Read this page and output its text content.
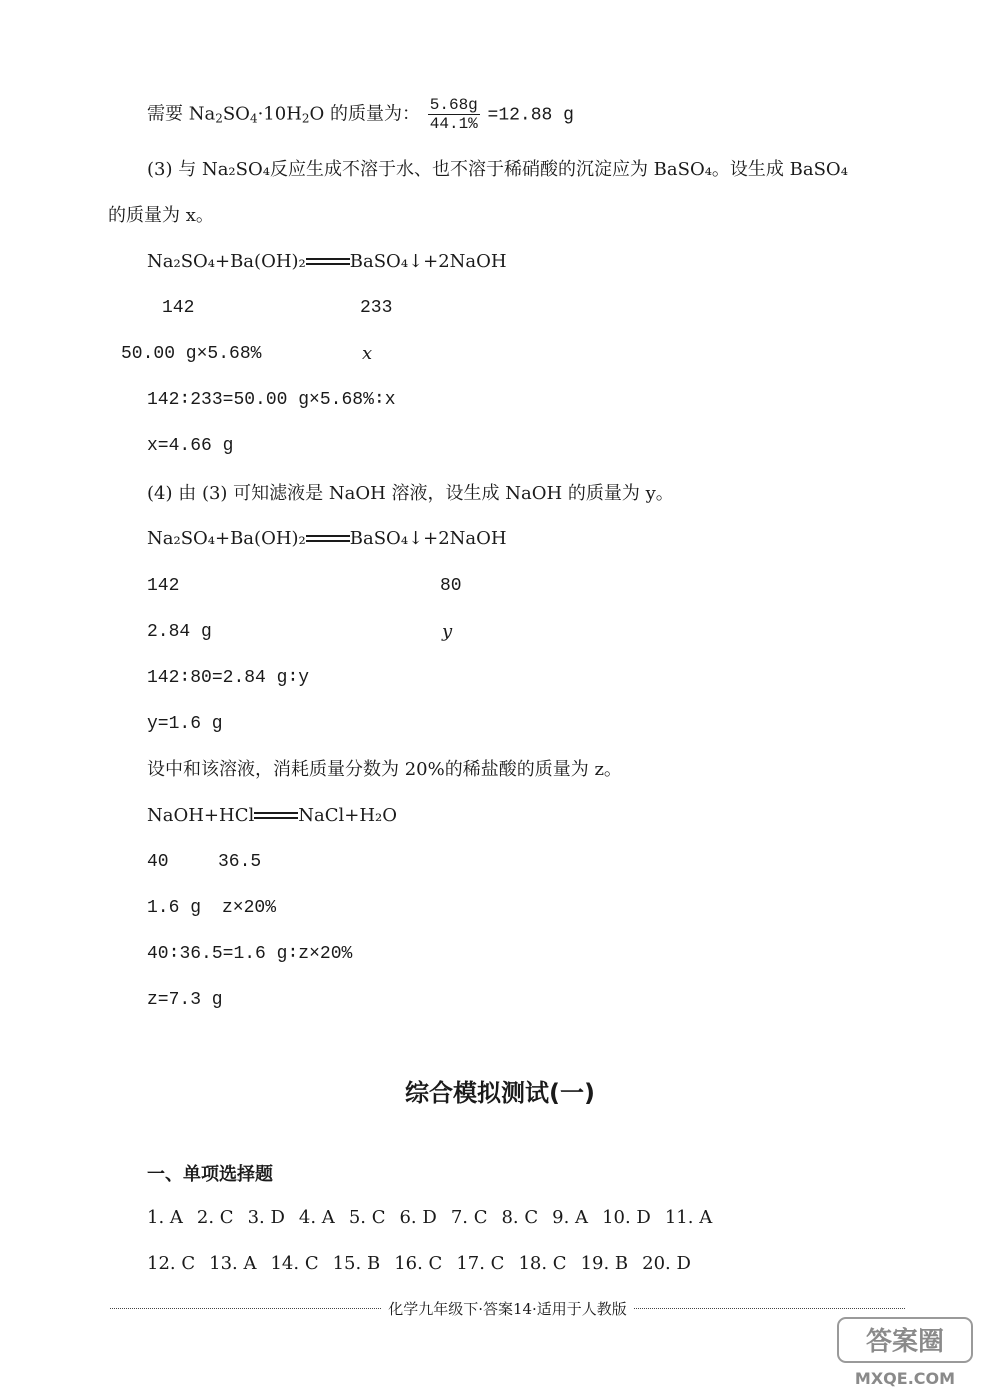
需要 $Na_2SO_4\cdot 10H_2O$ 的质量为： $\frac{5.68g}{44.1\%} =12.88$ g
(3) 与 Na₂SO₄反应生成不溶于水、也不溶于稀硝酸的沉淀应为 BaSO₄。设生成 BaSO₄
的质量为 x。
Na₂SO₄+Ba(OH)₂ BaSO₄↓+2NaOH
142	233
50.00 g×5.68%	x
142∶233=50.00 g×5.68%∶x
x=4.66 g
(4) 由 (3) 可知滤液是 NaOH 溶液，设生成 NaOH 的质量为 y。
Na₂SO₄+Ba(OH)₂ BaSO₄↓+2NaOH
142	80
2.84 g	y
142∶80=2.84 g∶y
y=1.6 g
设中和该溶液，消耗质量分数为 20%的稀盐酸的质量为 z。
NaOH+HCl NaCl+H₂O
40	36.5
1.6 g z×20%
40∶36.5=1.6 g∶z×20%
z=7.3 g
综合模拟测试(一)
一、单项选择题
1. A 2. C 3. D 4. A 5. C 6. D 7. C 8. C 9. A 10. D 11. A
12. C 13. A 14. C 15. B 16. C 17. C 18. C 19. B 20. D
化学九年级下·答案14·适用于人教版
答案圈
MXQE.COM
